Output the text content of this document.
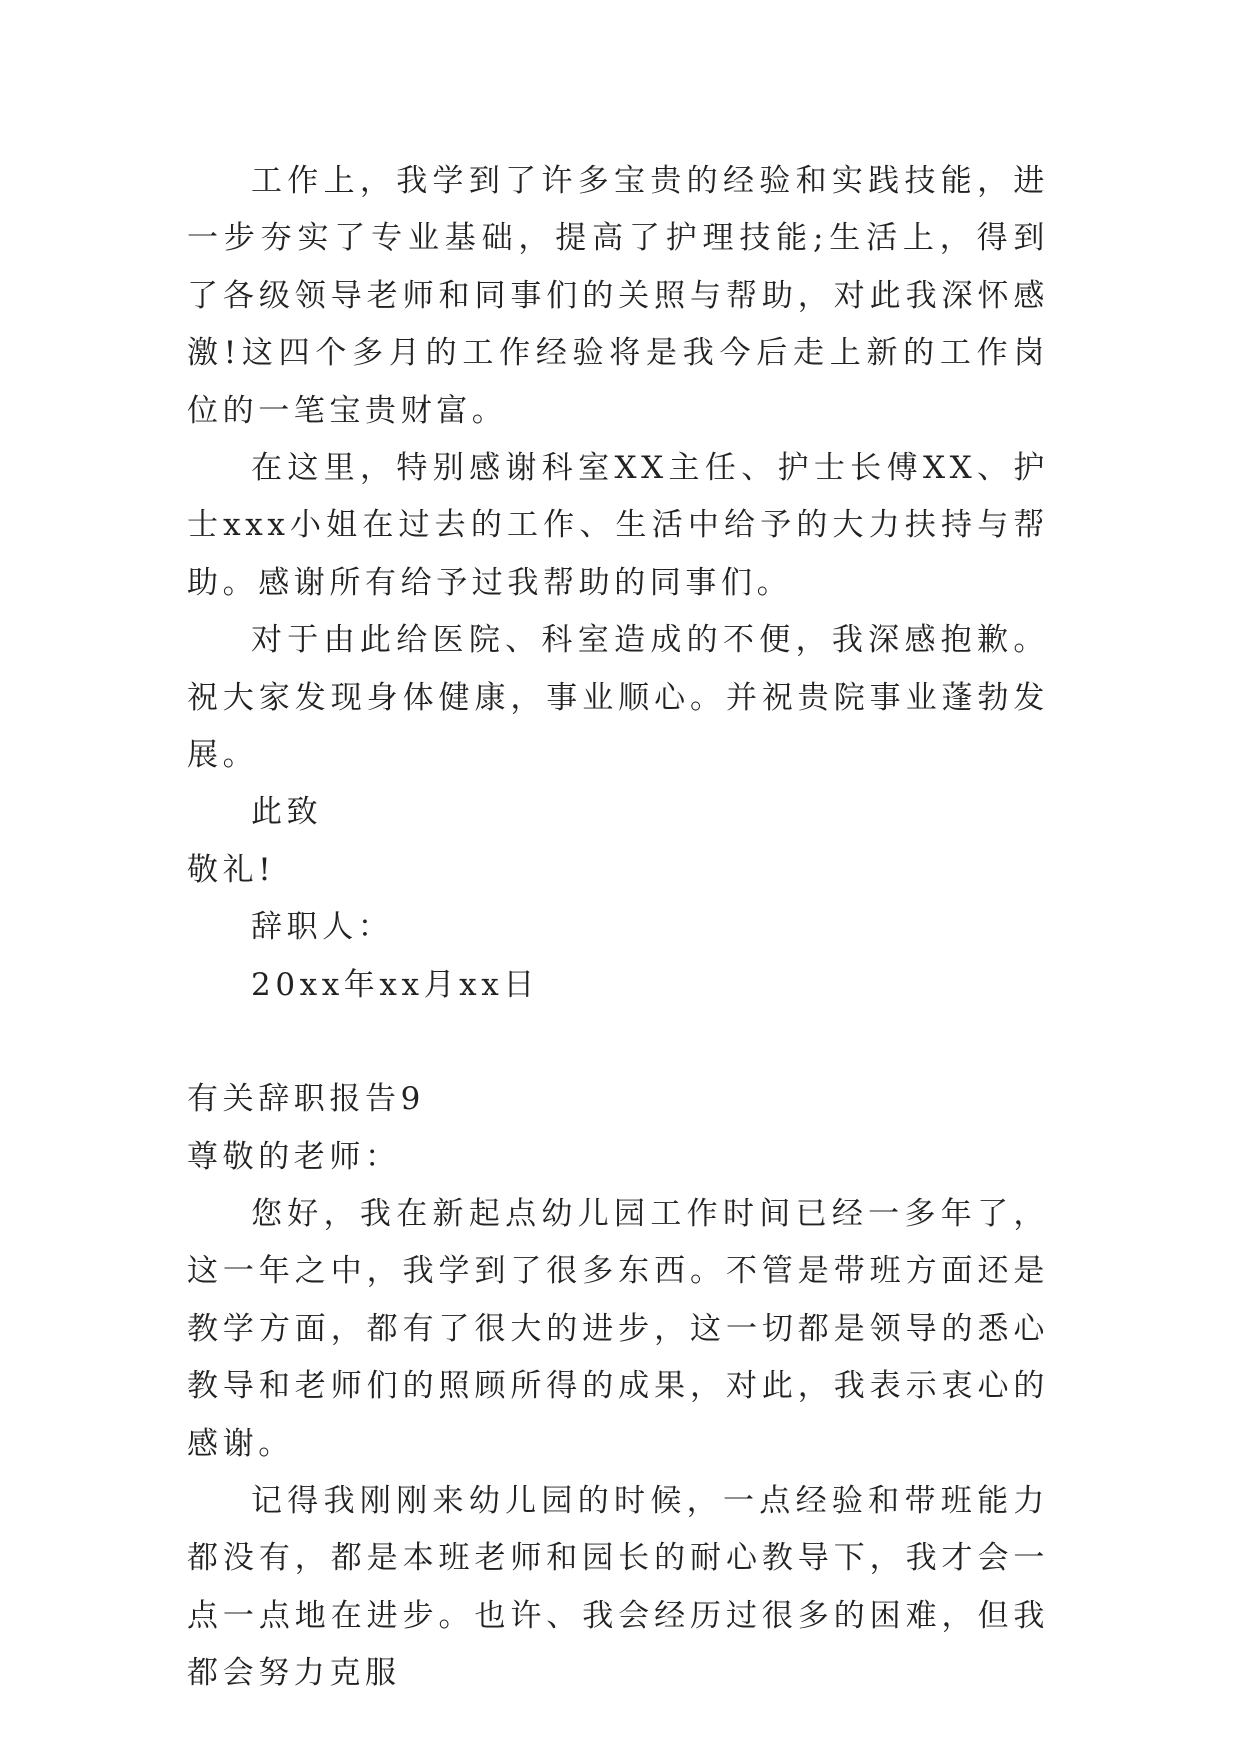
工作上，我学到了许多宝贵的经验和实践技能，进一步夯实了专业基础，提高了护理技能;生活上，得到了各级领导老师和同事们的关照与帮助，对此我深怀感激!这四个多月的工作经验将是我今后走上新的工作岗位的一笔宝贵财富。

在这里，特别感谢科室XX主任、护士长傅XX、护士xxx小姐在过去的工作、生活中给予的大力扶持与帮助。感谢所有给予过我帮助的同事们。

对于由此给医院、科室造成的不便，我深感抱歉。祝大家发现身体健康，事业顺心。并祝贵院事业蓬勃发展。

此致

敬礼!

辞职人：

20xx年xx月xx日

有关辞职报告9

尊敬的老师：

您好，我在新起点幼儿园工作时间已经一多年了，这一年之中，我学到了很多东西。不管是带班方面还是教学方面，都有了很大的进步，这一切都是领导的悉心教导和老师们的照顾所得的成果，对此，我表示衷心的感谢。

记得我刚刚来幼儿园的时候，一点经验和带班能力都没有，都是本班老师和园长的耐心教导下，我才会一点一点地在进步。也许、我会经历过很多的困难，但我都会努力克服
